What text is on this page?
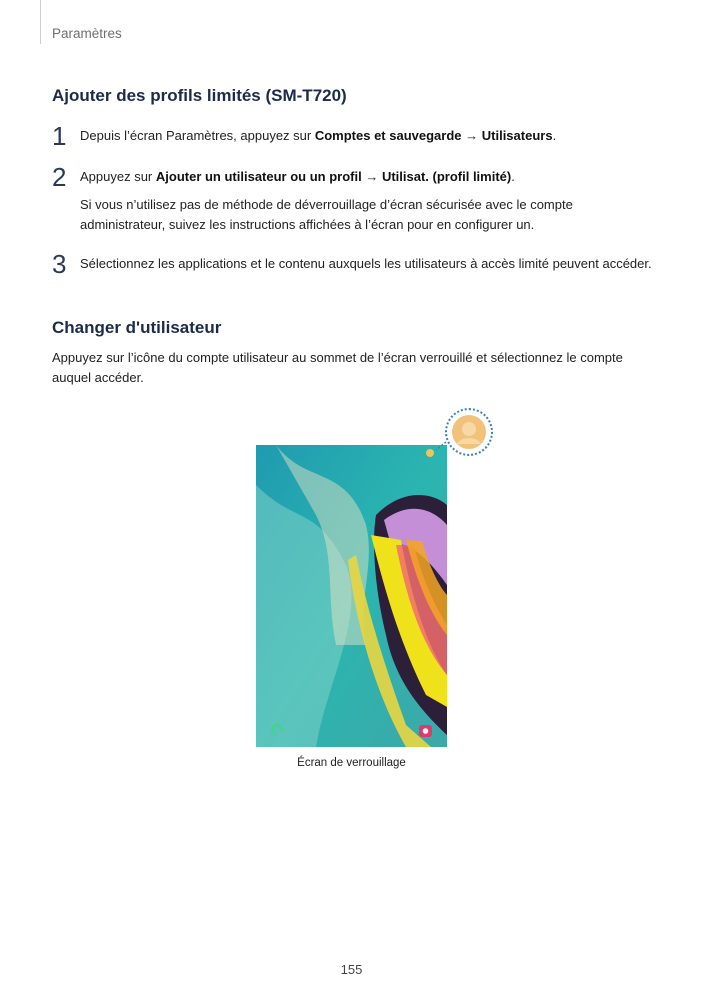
Paramètres
Ajouter des profils limités (SM-T720)
1 Depuis l’écran Paramètres, appuyez sur Comptes et sauvegarde → Utilisateurs.
2 Appuyez sur Ajouter un utilisateur ou un profil → Utilisat. (profil limité).
Si vous n’utilisez pas de méthode de déverrouillage d’écran sécurisée avec le compte administrateur, suivez les instructions affichées à l’écran pour en configurer un.
3 Sélectionnez les applications et le contenu auxquels les utilisateurs à accès limité peuvent accéder.
Changer d'utilisateur
Appuyez sur l’icône du compte utilisateur au sommet de l’écran verrouillé et sélectionnez le compte auquel accéder.
Écran de verrouillage
155
